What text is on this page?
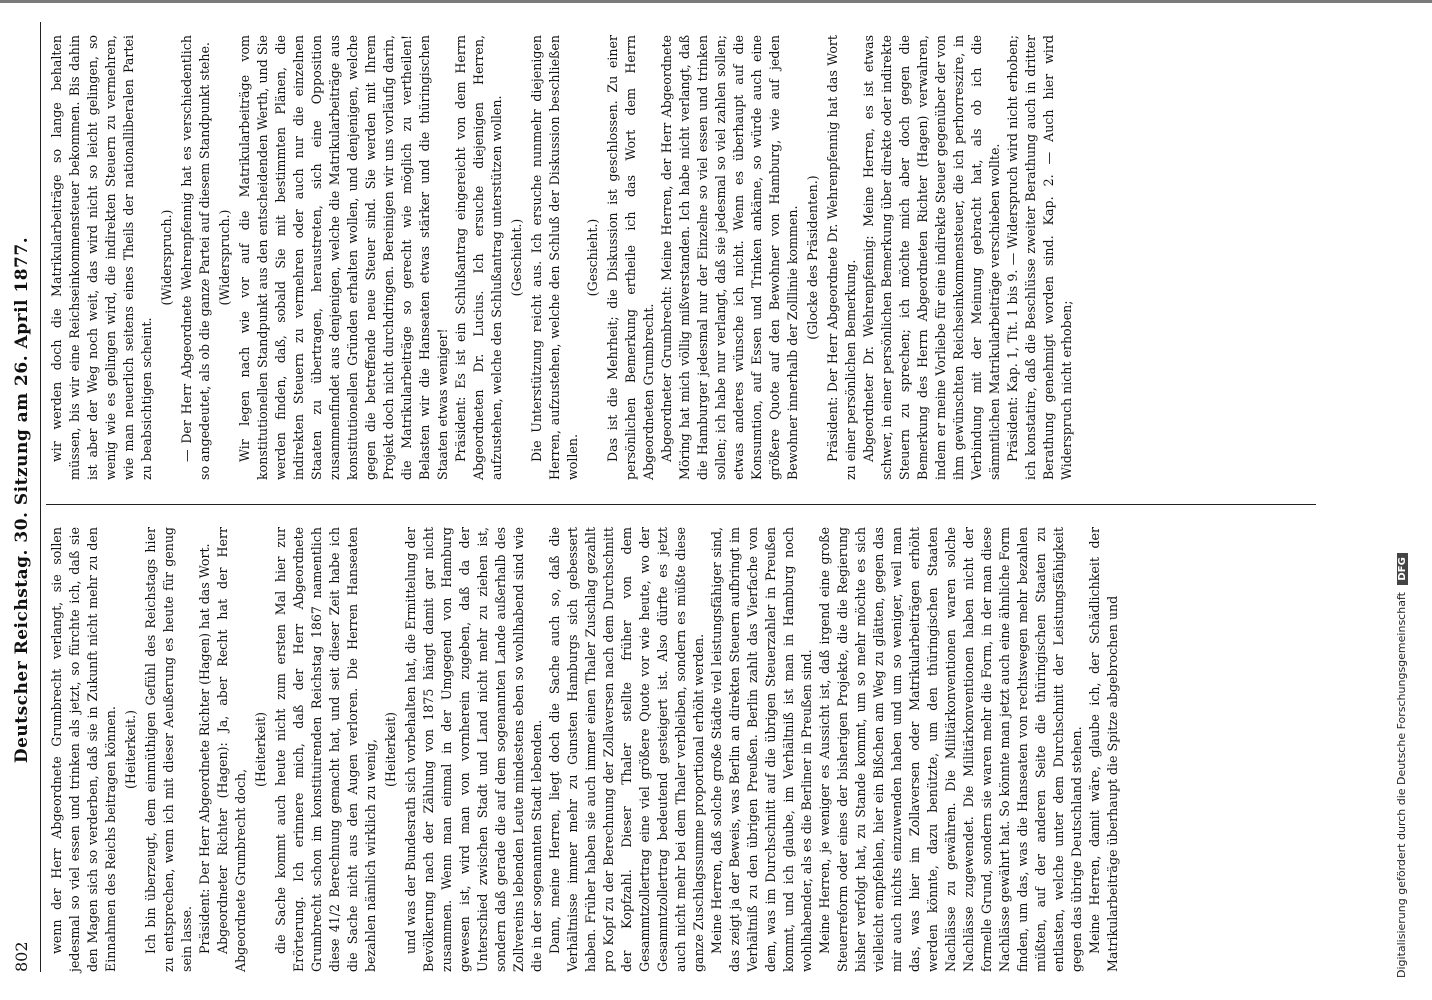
802
Deutscher Reichstag. 30. Sitzung am 26. April 1877. wenn der Herr Abgeordnete Grumbrecht verlangt, sie sollen jedesmal so viel essen und trinken als jetzt, so fürchte ich, daß sie den Magen sich so verderben, daß sie in Zukunft nicht mehr zu den Einnahmen des Reichs beitragen können. (Heiterkeit.) Ich bin überzeugt, dem einmüthigen Gefühl des Reichstags hier zu entsprechen, wenn ich mit dieser Aeußerung es heute für genug sein lasse. Präsident: Der Herr Abgeordnete Richter (Hagen) hat das Wort. Abgeordneter Richter (Hagen): Ja, aber Recht hat der Herr Abgeordnete Grumbrecht doch,

(Heiterkeit) die Sache kommt auch heute nicht zum ersten Mal hier zur Erörterung. Ich erinnere mich, daß der Herr Abgeordnete Grumbrecht schon im konstituirenden Reichstag 1867 namentlich diese 41/2 Berechnung gemacht hat, und seit dieser Zeit habe ich die Sache nicht aus den Augen verloren. Die Herren Hanseaten bezahlen nämlich wirklich zu wenig, (Heiterkeit) und was der Bundesrath sich vorbehalten hat, die Ermittelung der Bevölkerung nach der Zählung von 1875 hängt damit gar nicht zusammen. Wenn man einmal in der Umgegend von Hamburg gewesen ist, wird man von vornherein zugeben, daß da der Unterschied zwischen Stadt und Land nicht mehr zu ziehen ist, sondern daß gerade die auf dem sogenannten Lande außerhalb des Zollvereins lebenden Leute mindestens eben so wohlhabend sind wie die in der sogenannten Stadt lebenden. Dann, meine Herren, liegt doch die Sache auch so, daß die Verhältnisse immer mehr zu Gunsten Hamburgs sich gebessert haben. Früher haben sie auch immer einen Thaler Zuschlag gezahlt pro Kopf zu der Berechnung der Zollaversen nach dem Durchschnitt der Kopfzahl. Dieser Thaler stellte früher von dem Gesammtzollertrag eine viel größere Quote vor wie heute, wo der Gesammtzollertrag bedeutend gesteigert ist. Also dürfte es jetzt auch nicht mehr bei dem Thaler verbleiben, sondern es müßte diese ganze Zuschlagssumme proportional erhöht werden. Meine Herren, daß solche große Städte viel leistungsfähiger sind, das zeigt ja der Beweis, was Berlin an direkten Steuern aufbringt im Verhältniß zu den übrigen Preußen. Berlin zahlt das Vierfache von dem, was im Durchschnitt auf die übrigen Steuerzahler in Preußen kommt, und ich glaube, im Verhältniß ist man in Hamburg noch wohlhabender, als es die Berliner in Preußen sind. Meine Herren, je weniger es Aussicht ist, daß irgend eine große Steuerreform oder eines der bisherigen Projekte, die die Regierung bisher verfolgt hat, zu Stande kommt, um so mehr möchte es sich vielleicht empfehlen, hier ein Bißchen am Weg zu glätten, gegen das mir auch nichts einzuwenden haben und um so weniger, weil man das, was hier im Zollaversen oder Matrikularbeiträgen erhöht werden könnte, dazu benützte, um den thüringischen Staaten Nachlässe zu gewähren. Die Militärkonventionen waren solche Nachlässe zugewendet. Die Militärkonventionen haben nicht der formelle Grund, sondern sie waren mehr die Form, in der man diese Nachlässe gewährt hat. So könnte man jetzt auch eine ähnliche Form finden, um das, was die Hanseaten von rechtswegen mehr bezahlen müßten, auf der anderen Seite die thüringischen Staaten zu entlasten, welche unter dem Durchschnitt der Leistungsfähigkeit gegen das übrige Deutschland stehen. Meine Herren, damit wäre, glaube ich, der Schädlichkeit der Matrikularbeiträge überhaupt die Spitze abgebrochen und

wir werden doch die Matrikularbeiträge so lange behalten müssen, bis wir eine Reichseinkommensteuer bekommen. Bis dahin ist aber der Weg noch weit, das wird nicht so leicht gelingen, so wenig wie es gelingen wird, die indirekten Steuern zu vermehren, wie man neuerlich seitens eines Theils der nationalliberalen Partei zu beabsichtigen scheint.

(Widerspruch.) — Der Herr Abgeordnete Wehrenpfennig hat es verschiedentlich so angedeutet, als ob die ganze Partei auf diesem Standpunkt stehe. (Widerspruch.) Wir legen nach wie vor auf die Matrikularbeiträge vom konstitutionellen Standpunkt aus den entscheidenden Werth, und Sie werden finden, daß, sobald Sie mit bestimmten Plänen, die indirekten Steuern zu vermehren oder auch nur die einzelnen Staaten zu übertragen, heraustreten, sich eine Opposition zusammenfindet aus denjenigen, welche die Matrikularbeiträge aus konstitutionellen Gründen erhalten wollen, und denjenigen, welche gegen die betreffende neue Steuer sind. Sie werden mit Ihrem Projekt doch nicht durchdringen. Bereinigen wir uns vorläufig darin, die Matrikularbeiträge so gerecht wie möglich zu vertheilen! Belasten wir die Hanseaten etwas stärker und die thüringischen Staaten etwas weniger! Präsident: Es ist ein Schlußantrag eingereicht von dem Herrn Abgeordneten Dr. Lucius. Ich ersuche diejenigen Herren, aufzustehen, welche den Schlußantrag unterstützen wollen. (Geschieht.) Die Unterstützung reicht aus. Ich ersuche nunmehr diejenigen Herren, aufzustehen, welche den Schluß der Diskussion beschließen wollen.

(Geschieht.) Das ist die Mehrheit; die Diskussion ist geschlossen. Zu einer persönlichen Bemerkung ertheile ich das Wort dem Herrn Abgeordneten Grumbrecht. Abgeordneter Grumbrecht: Meine Herren, der Herr Abgeordnete Möring hat mich völlig mißverstanden. Ich habe nicht verlangt, daß die Hamburger jedesmal nur der Einzelne so viel essen und trinken sollen; ich habe nur verlangt, daß sie jedesmal so viel zahlen sollen; etwas anderes wünsche ich nicht. Wenn es überhaupt auf die Konsumtion, auf Essen und Trinken ankäme, so würde auch eine größere Quote auf den Bewohner von Hamburg, wie auf jeden Bewohner innerhalb der Zolllinie kommen. (Glocke des Präsidenten.) Präsident: Der Herr Abgeordnete Dr. Wehrenpfennig hat das Wort zu einer persönlichen Bemerkung. Abgeordneter Dr. Wehrenpfennig: Meine Herren, es ist etwas schwer, in einer persönlichen Bemerkung über direkte oder indirekte Steuern zu sprechen; ich möchte mich aber doch gegen die Bemerkung des Herrn Abgeordneten Richter (Hagen) verwahren, indem er meine Vorliebe für eine indirekte Steuer gegenüber der von ihm gewünschten Reichseinkommensteuer, die ich perhorreszire, in Verbindung mit der Meinung gebracht hat, als ob ich die sämmtlichen Matrikularbeiträge verschieben wollte. Präsident: Kap. 1, Tit. 1 bis 9. — Widerspruch wird nicht erhoben; ich konstatire, daß die Beschlüsse zweiter Berathung auch in dritter Berathung genehmigt worden sind. Kap. 2. — Auch hier wird Widerspruch nicht erhoben;

Digitalisierung gefördert durch die Deutsche Forschungsgemeinschaft DFG
